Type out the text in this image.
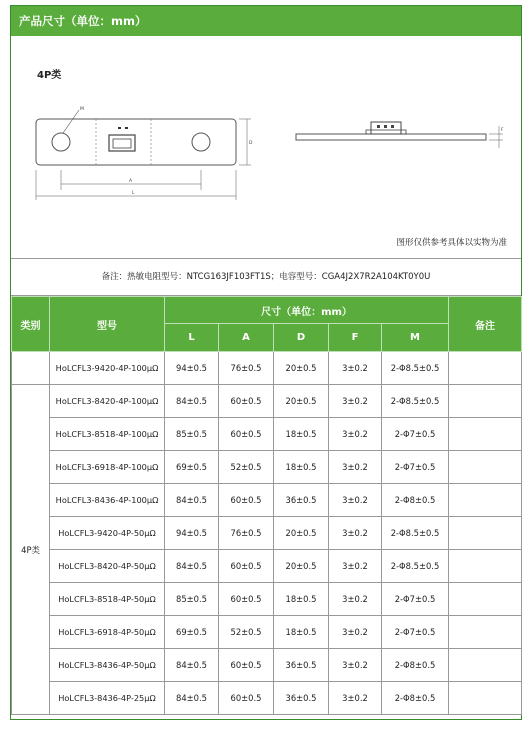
产品尺寸（单位：mm）
4P类
M
A
L
D
F
图形仅供参考具体以实物为准
备注：热敏电阻型号：NTCG163JF103FT1S；电容型号：CGA4J2X7R2A104KT0Y0U
类别	型号	尺寸（单位：mm）					备注
		L	A	D	F	M	
	HoLCFL3-9420-4P-100μΩ	94±0.5	76±0.5	20±0.5	3±0.2	2-Φ8.5±0.5	
4P类	HoLCFL3-8420-4P-100μΩ	84±0.5	60±0.5	20±0.5	3±0.2	2-Φ8.5±0.5	
	HoLCFL3-8518-4P-100μΩ	85±0.5	60±0.5	18±0.5	3±0.2	2-Φ7±0.5	
	HoLCFL3-6918-4P-100μΩ	69±0.5	52±0.5	18±0.5	3±0.2	2-Φ7±0.5	
	HoLCFL3-8436-4P-100μΩ	84±0.5	60±0.5	36±0.5	3±0.2	2-Φ8±0.5	
	HoLCFL3-9420-4P-50μΩ	94±0.5	76±0.5	20±0.5	3±0.2	2-Φ8.5±0.5	
	HoLCFL3-8420-4P-50μΩ	84±0.5	60±0.5	20±0.5	3±0.2	2-Φ8.5±0.5	
	HoLCFL3-8518-4P-50μΩ	85±0.5	60±0.5	18±0.5	3±0.2	2-Φ7±0.5	
	HoLCFL3-6918-4P-50μΩ	69±0.5	52±0.5	18±0.5	3±0.2	2-Φ7±0.5	
	HoLCFL3-8436-4P-50μΩ	84±0.5	60±0.5	36±0.5	3±0.2	2-Φ8±0.5	
	HoLCFL3-8436-4P-25μΩ	84±0.5	60±0.5	36±0.5	3±0.2	2-Φ8±0.5	
